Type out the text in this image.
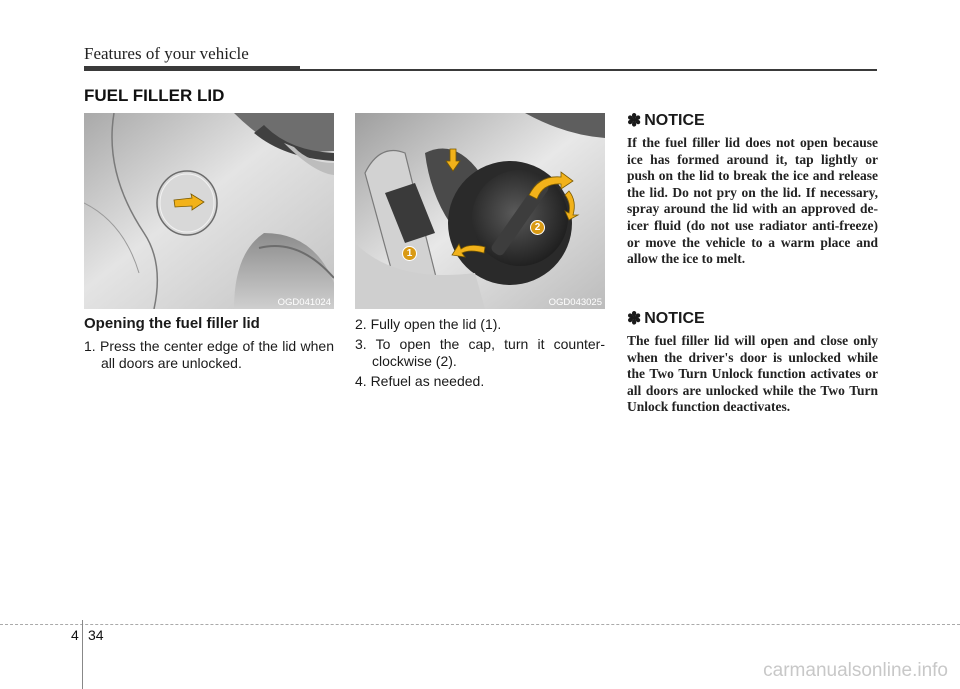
Features of your vehicle
FUEL FILLER LID
OGD041024
1
2
OGD043025
Opening the fuel filler lid
1. Press the center edge of the lid when all doors are unlocked.
2. Fully open the lid (1).
3. To open the cap, turn it counter-clockwise (2).
4. Refuel as needed.
✽ NOTICE
If the fuel filler lid does not open because ice has formed around it, tap lightly or push on the lid to break the ice and release the lid. Do not pry on the lid. If necessary, spray around the lid with an approved de-icer fluid (do not use radiator anti-freeze) or move the vehicle to a warm place and allow the ice to melt.
✽ NOTICE
The fuel filler lid will open and close only when the driver's door is unlocked while the Two Turn Unlock function activates or all doors are unlocked while the Two Turn Unlock function deactivates.
4 34
carmanualsonline.info
